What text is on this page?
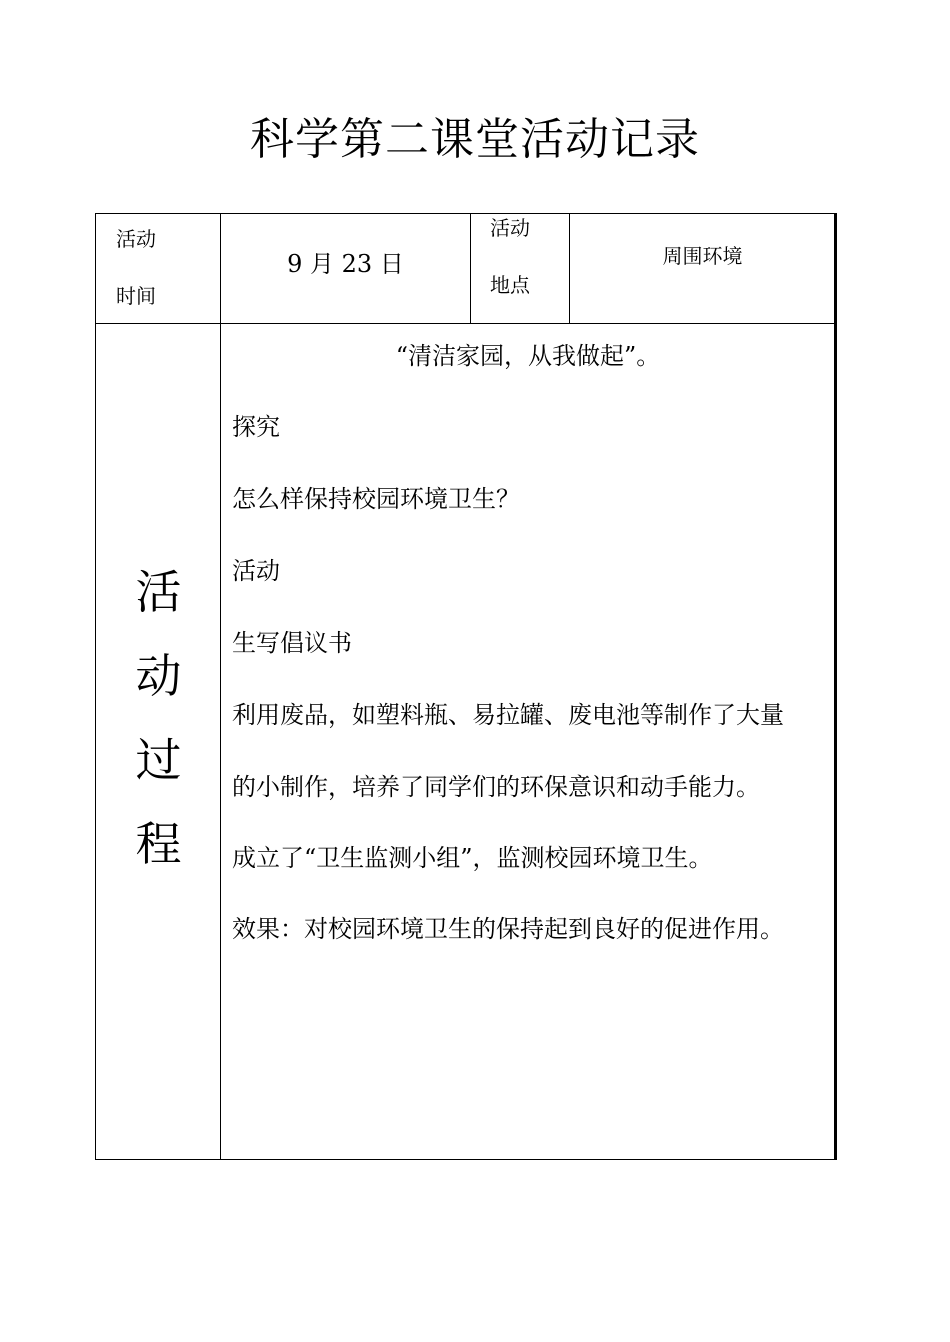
科学第二课堂活动记录
活动
时间
9 月 23 日
活动
地点
周围环境
活
动
过
程
“清洁家园，从我做起”。
探究
怎么样保持校园环境卫生？
活动
生写倡议书
利用废品，如塑料瓶、易拉罐、废电池等制作了大量
的小制作，培养了同学们的环保意识和动手能力。
成立了“卫生监测小组”，监测校园环境卫生。
效果：对校园环境卫生的保持起到良好的促进作用。
